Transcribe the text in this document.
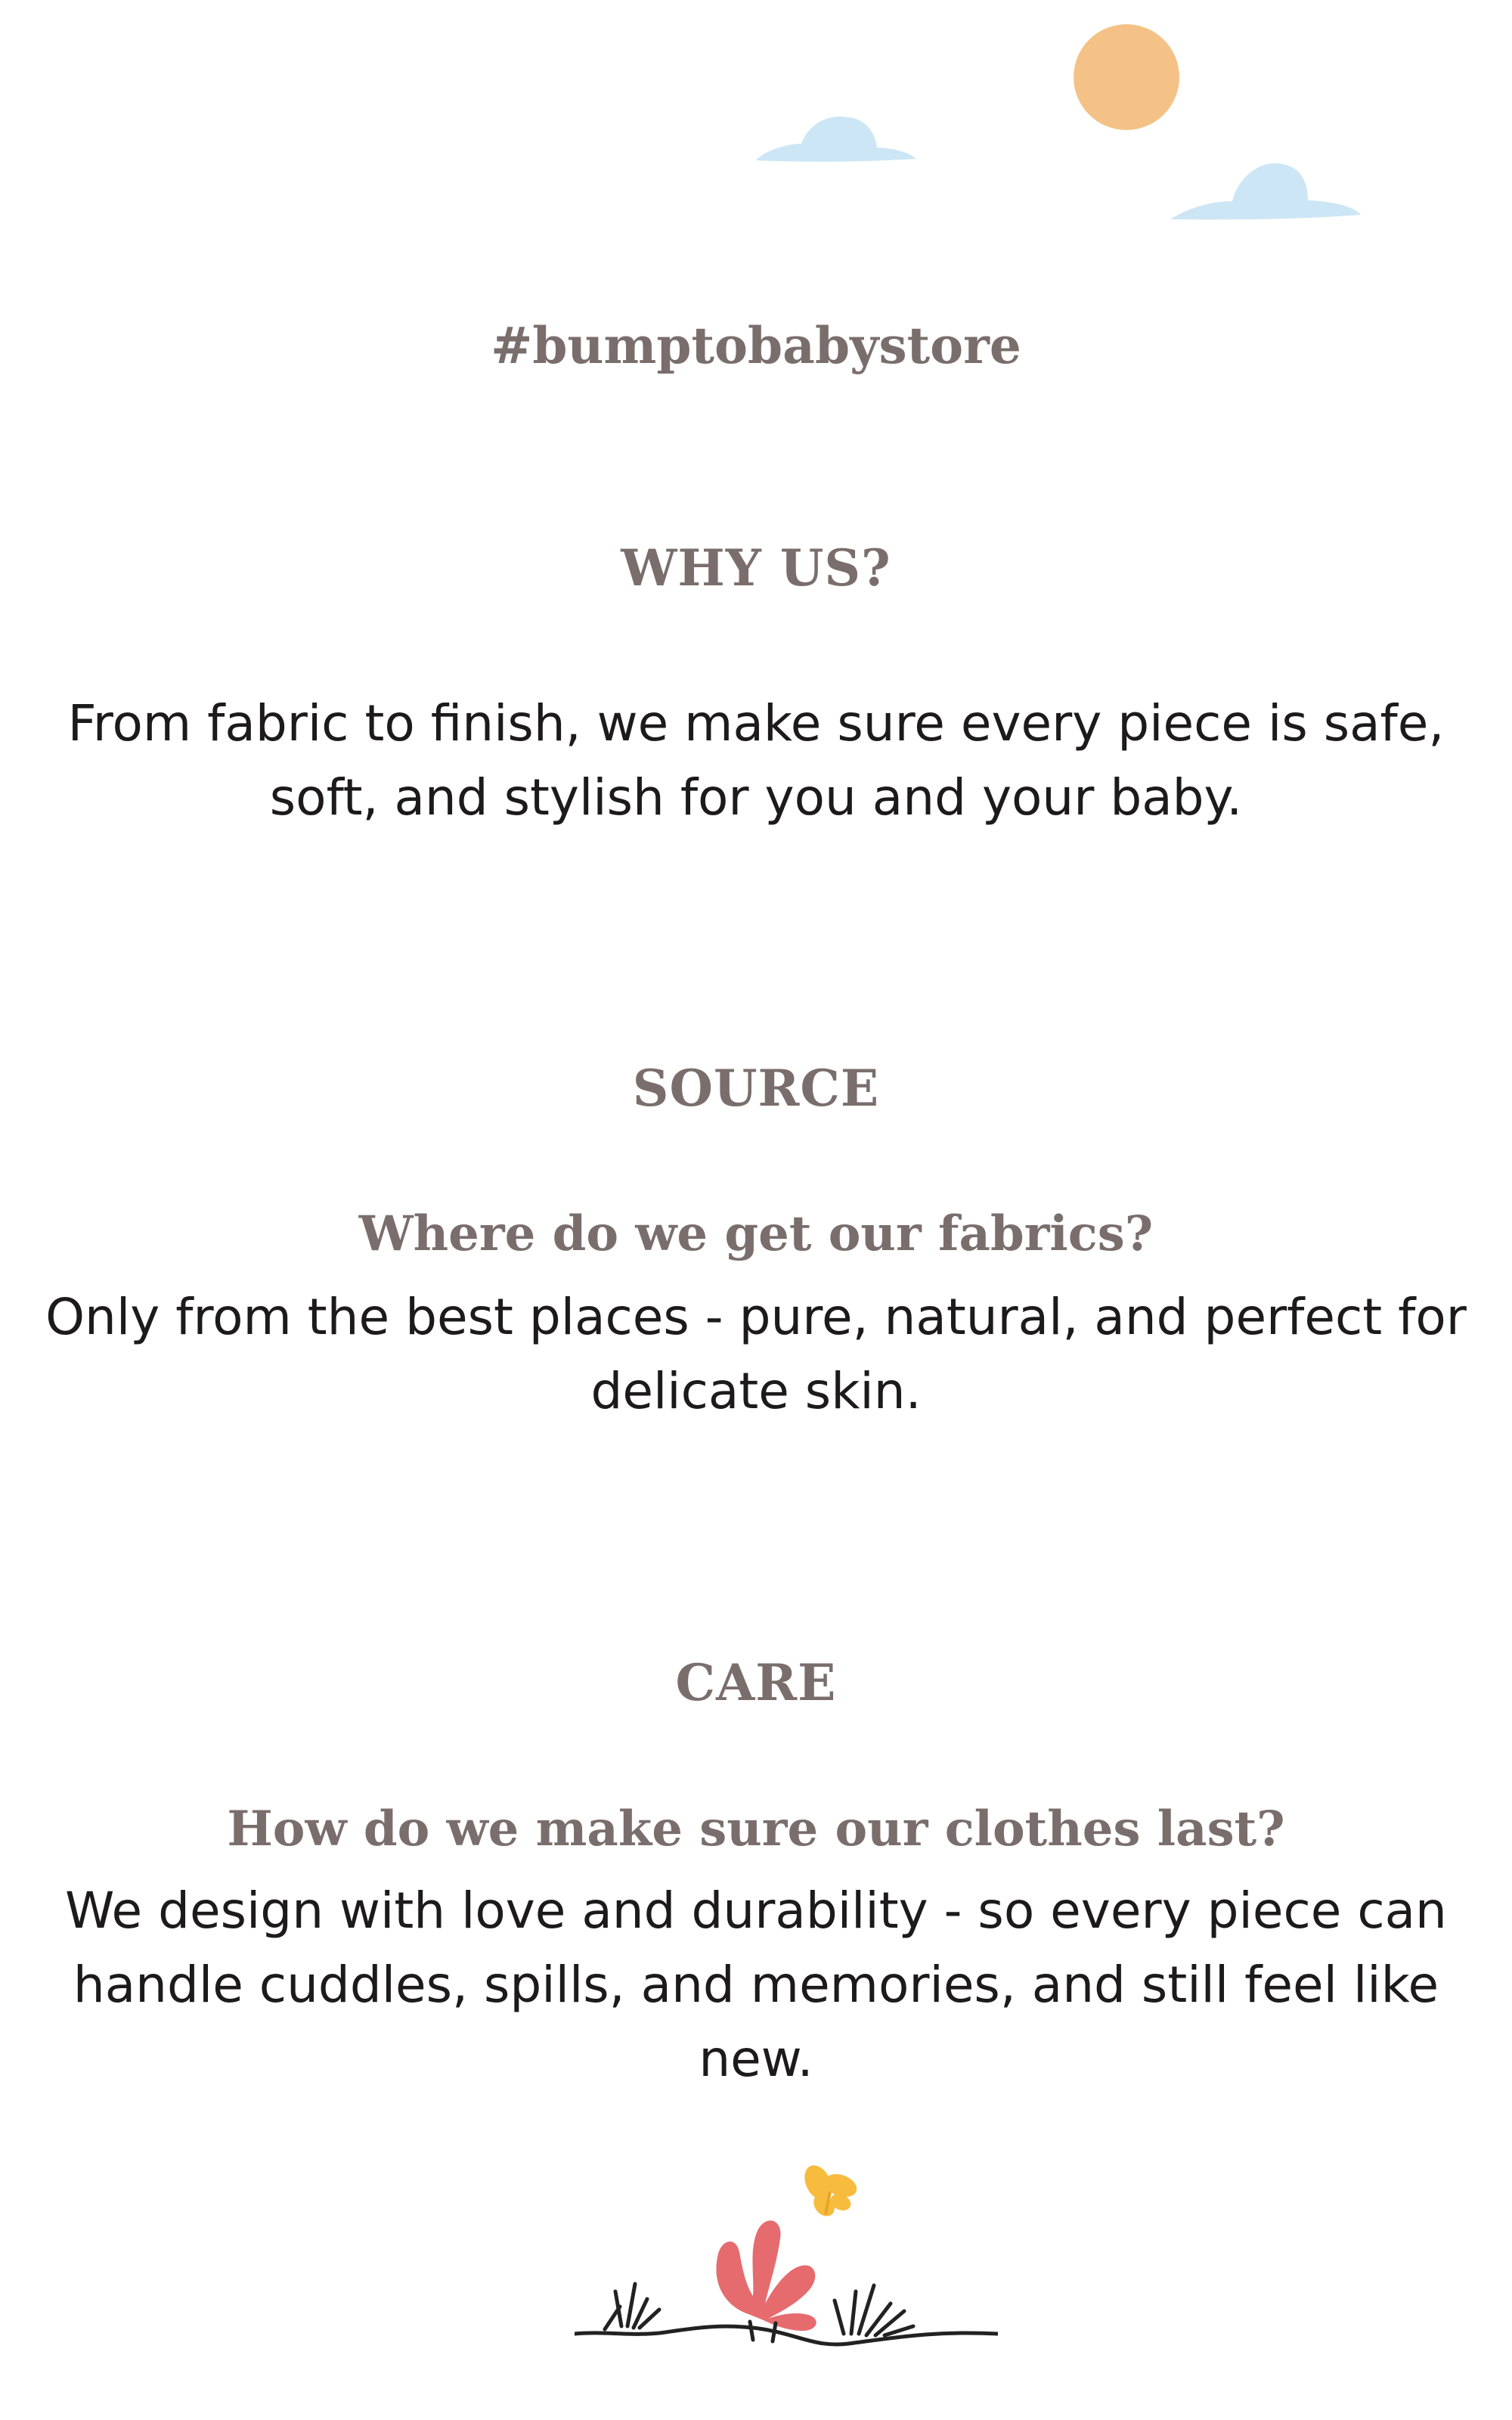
#bumptobabystore
WHY US?

From fabric to finish, we make sure every piece is safe, soft, and stylish for you and your baby.

SOURCE
Where do we get our fabrics?

Only from the best places - pure, natural, and perfect for delicate skin.

CARE
How do we make sure our clothes last?

We design with love and durability - so every piece can handle cuddles, spills, and memories, and still feel like new.
